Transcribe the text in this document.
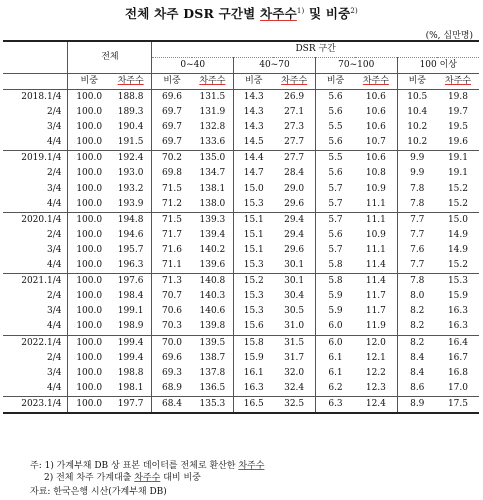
전체 차주 DSR 구간별 차주수$^{1)}$ 및 비중$^{2)}$
(%, 십만명)
	전체		DSR 구간							
			0~40		40~70		70~100		100 이상	
	비중	차주수	비중	차주수	비중	차주수	비중	차주수	비중	차주수
2018.1/4	100.0	188.8	69.6	131.5	14.3	26.9	5.6	10.6	10.5	19.8
2/4	100.0	189.3	69.7	131.9	14.3	27.1	5.6	10.6	10.4	19.7
3/4	100.0	190.4	69.7	132.8	14.3	27.3	5.5	10.6	10.2	19.5
4/4	100.0	191.5	69.7	133.6	14.5	27.7	5.6	10.7	10.2	19.6
2019.1/4	100.0	192.4	70.2	135.0	14.4	27.7	5.5	10.6	9.9	19.1
2/4	100.0	193.0	69.8	134.7	14.7	28.4	5.6	10.8	9.9	19.1
3/4	100.0	193.2	71.5	138.1	15.0	29.0	5.7	10.9	7.8	15.2
4/4	100.0	193.9	71.2	138.0	15.3	29.6	5.7	11.1	7.8	15.2
2020.1/4	100.0	194.8	71.5	139.3	15.1	29.4	5.7	11.1	7.7	15.0
2/4	100.0	194.6	71.7	139.4	15.1	29.4	5.6	10.9	7.7	14.9
3/4	100.0	195.7	71.6	140.2	15.1	29.6	5.7	11.1	7.6	14.9
4/4	100.0	196.3	71.1	139.6	15.3	30.1	5.8	11.4	7.7	15.2
2021.1/4	100.0	197.6	71.3	140.8	15.2	30.1	5.8	11.4	7.8	15.3
2/4	100.0	198.4	70.7	140.3	15.3	30.4	5.9	11.7	8.0	15.9
3/4	100.0	199.1	70.6	140.6	15.3	30.5	5.9	11.7	8.2	16.3
4/4	100.0	198.9	70.3	139.8	15.6	31.0	6.0	11.9	8.2	16.3
2022.1/4	100.0	199.4	70.0	139.5	15.8	31.5	6.0	12.0	8.2	16.4
2/4	100.0	199.4	69.6	138.7	15.9	31.7	6.1	12.1	8.4	16.7
3/4	100.0	198.8	69.3	137.8	16.1	32.0	6.1	12.2	8.4	16.8
4/4	100.0	198.1	68.9	136.5	16.3	32.4	6.2	12.3	8.6	17.0
2023.1/4	100.0	197.7	68.4	135.3	16.5	32.5	6.3	12.4	8.9	17.5
주: 1) 가계부채 DB 상 표본 데이터를 전체로 환산한 차주수
2) 전체 차주 가계대출 차주수 대비 비중
자료: 한국은행 시산(가계부채 DB)
